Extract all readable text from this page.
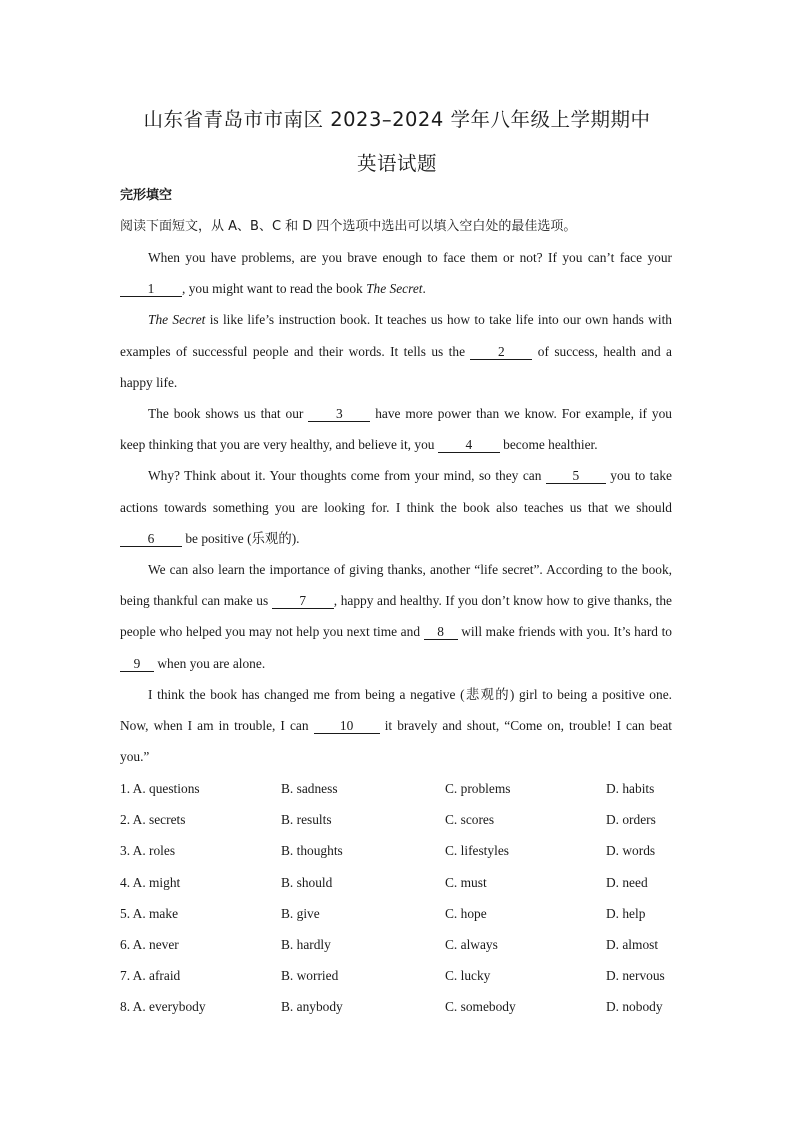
山东省青岛市市南区 2023–2024 学年八年级上学期期中
英语试题
完形填空
阅读下面短文，从 A、B、C 和 D 四个选项中选出可以填入空白处的最佳选项。

When you have problems, are you brave enough to face them or not? If you can’t face your 1 , you might want to read the book The Secret.

The Secret is like life’s instruction book. It teaches us how to take life into our own hands with examples of successful people and their words. It tells us the 2 of success, health and a happy life.

The book shows us that our 3 have more power than we know. For example, if you keep thinking that you are very healthy, and believe it, you 4 become healthier.

Why? Think about it. Your thoughts come from your mind, so they can 5 you to take actions towards something you are looking for. I think the book also teaches us that we should 6 be positive (乐观的).

We can also learn the importance of giving thanks, another “life secret”. According to the book, being thankful can make us 7 , happy and healthy. If you don’t know how to give thanks, the people who helped you may not help you next time and 8 will make friends with you. It’s hard to 9 when you are alone.

I think the book has changed me from being a negative (悲观的) girl to being a positive one. Now, when I am in trouble, I can 10 it bravely and shout, “Come on, trouble! I can beat you.”

1. A. questions	B. sadness	C. problems	D. habits
2. A. secrets	B. results	C. scores	D. orders
3. A. roles	B. thoughts	C. lifestyles	D. words
4. A. might	B. should	C. must	D. need
5. A. make	B. give	C. hope	D. help
6. A. never	B. hardly	C. always	D. almost
7. A. afraid	B. worried	C. lucky	D. nervous
8. A. everybody	B. anybody	C. somebody	D. nobody
